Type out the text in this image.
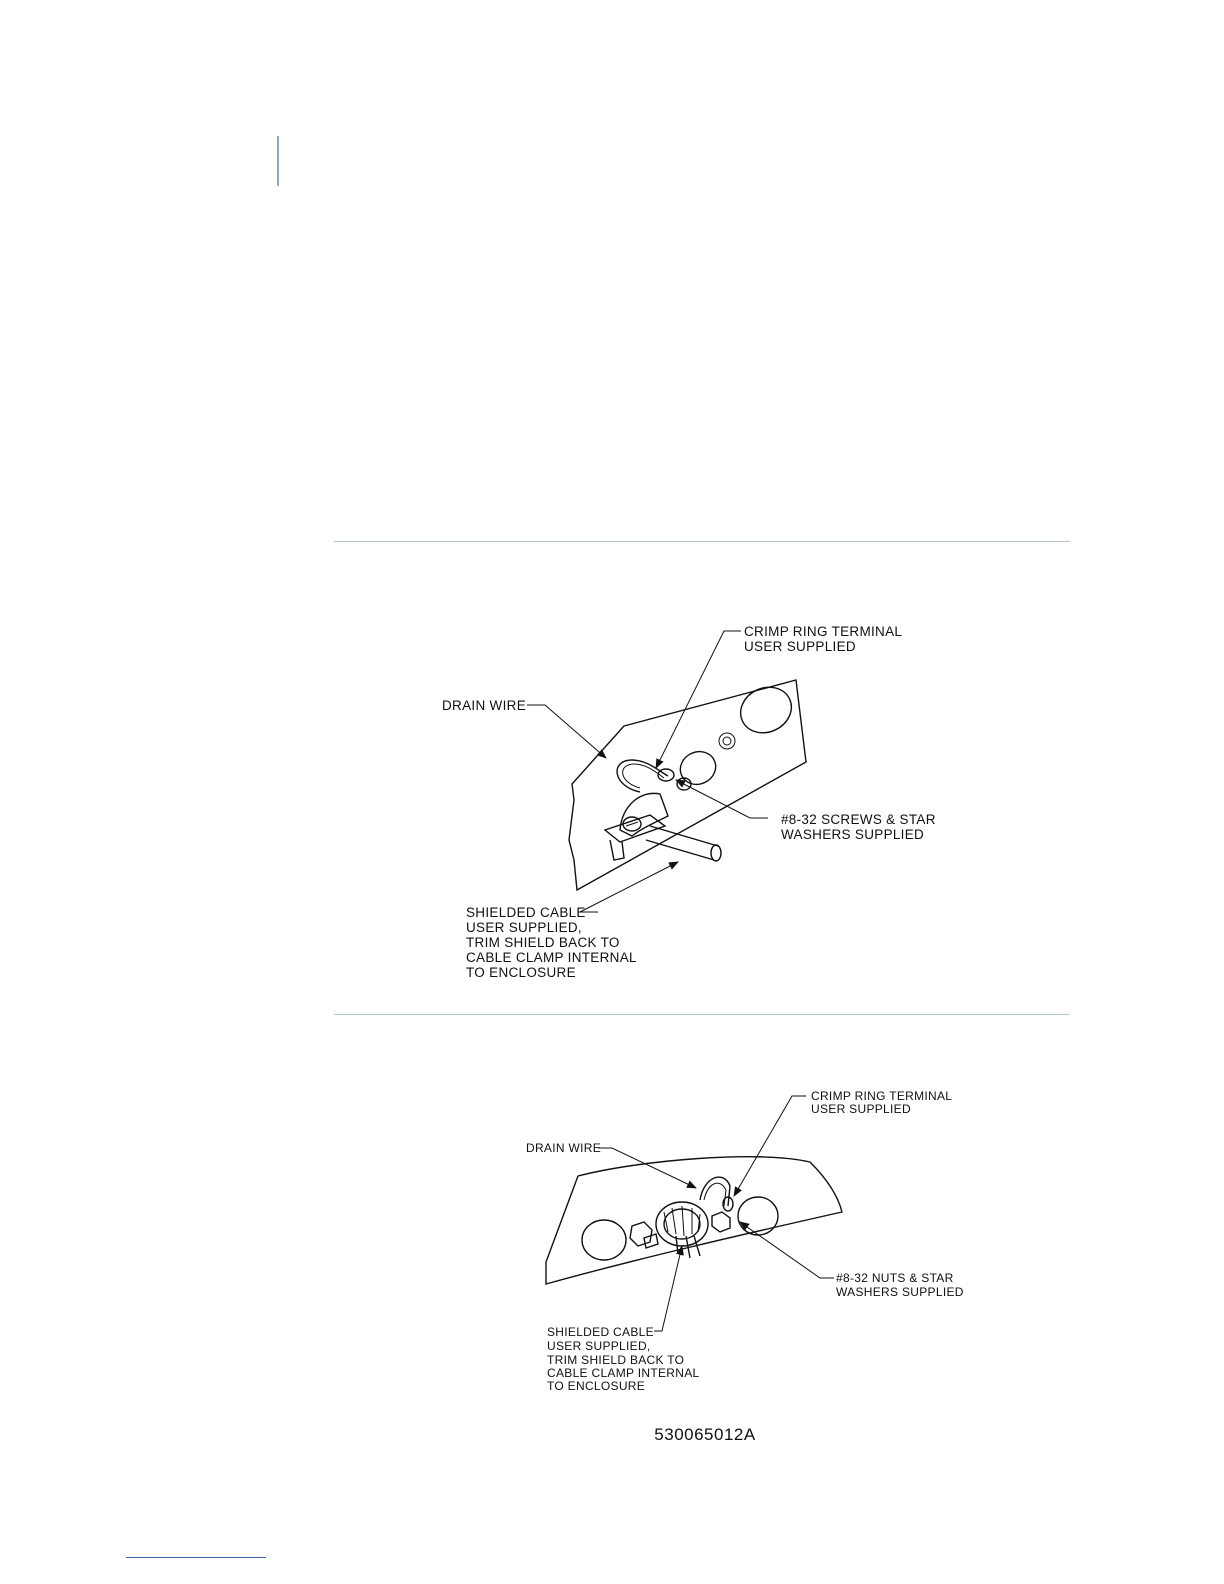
CRIMP RING TERMINAL
USER SUPPLIED
DRAIN WIRE
#8-32 SCREWS & STAR
WASHERS SUPPLIED
SHIELDED CABLE
USER SUPPLIED,
TRIM SHIELD BACK TO
CABLE CLAMP INTERNAL
TO ENCLOSURE
CRIMP RING TERMINAL
USER SUPPLIED
DRAIN WIRE
#8-32 NUTS & STAR
WASHERS SUPPLIED
SHIELDED CABLE
USER SUPPLIED,
TRIM SHIELD BACK TO
CABLE CLAMP INTERNAL
TO ENCLOSURE
530065012A
